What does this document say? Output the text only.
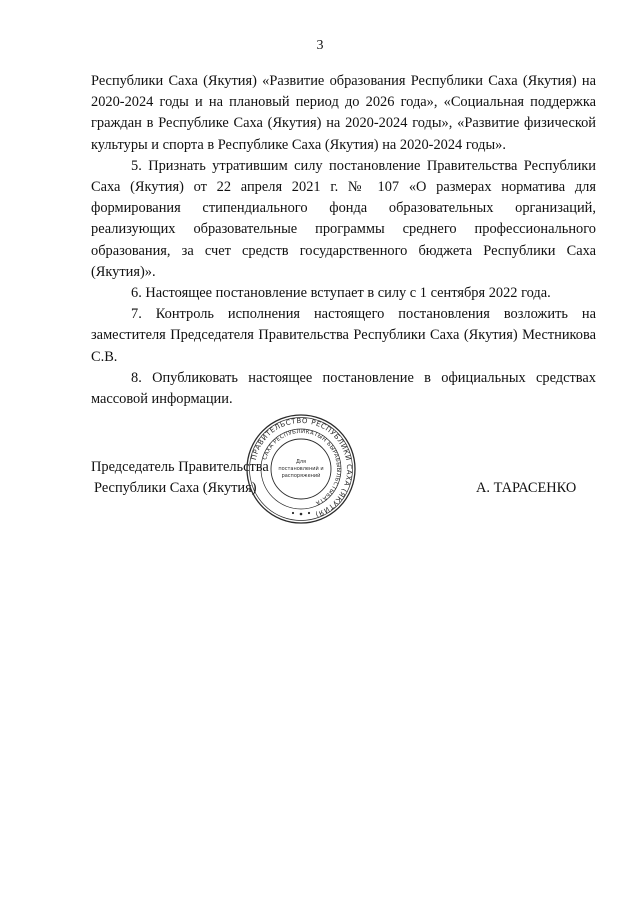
3

Республики Саха (Якутия) «Развитие образования Республики Саха (Якутия) на 2020-2024 годы и на плановый период до 2026 года», «Социальная поддержка граждан в Республике Саха (Якутия) на 2020-2024 годы», «Развитие физической культуры и спорта в Республике Саха (Якутия) на 2020-2024 годы».

5. Признать утратившим силу постановление Правительства Республики Саха (Якутия) от 22 апреля 2021 г. № 107 «О размерах норматива для формирования стипендиального фонда образовательных организаций, реализующих образовательные программы среднего профессионального образования, за счет средств государственного бюджета Республики Саха (Якутия)».

6. Настоящее постановление вступает в силу с 1 сентября 2022 года.

7. Контроль исполнения настоящего постановления возложить на заместителя Председателя Правительства Республики Саха (Якутия) Местникова С.В.

8. Опубликовать настоящее постановление в официальных средствах массовой информации.

Председатель Правительства
Республики Саха (Якутия)	А. ТАРАСЕНКО
ПРАВИТЕЛЬСТВО РЕСПУБЛИКИ САХА (ЯКУТИЯ)
САХА РЕСПУБЛИКАТЫН БЫРАБЫЫЛЬСТЫБАТА
Для
постановлений и
распоряжений
